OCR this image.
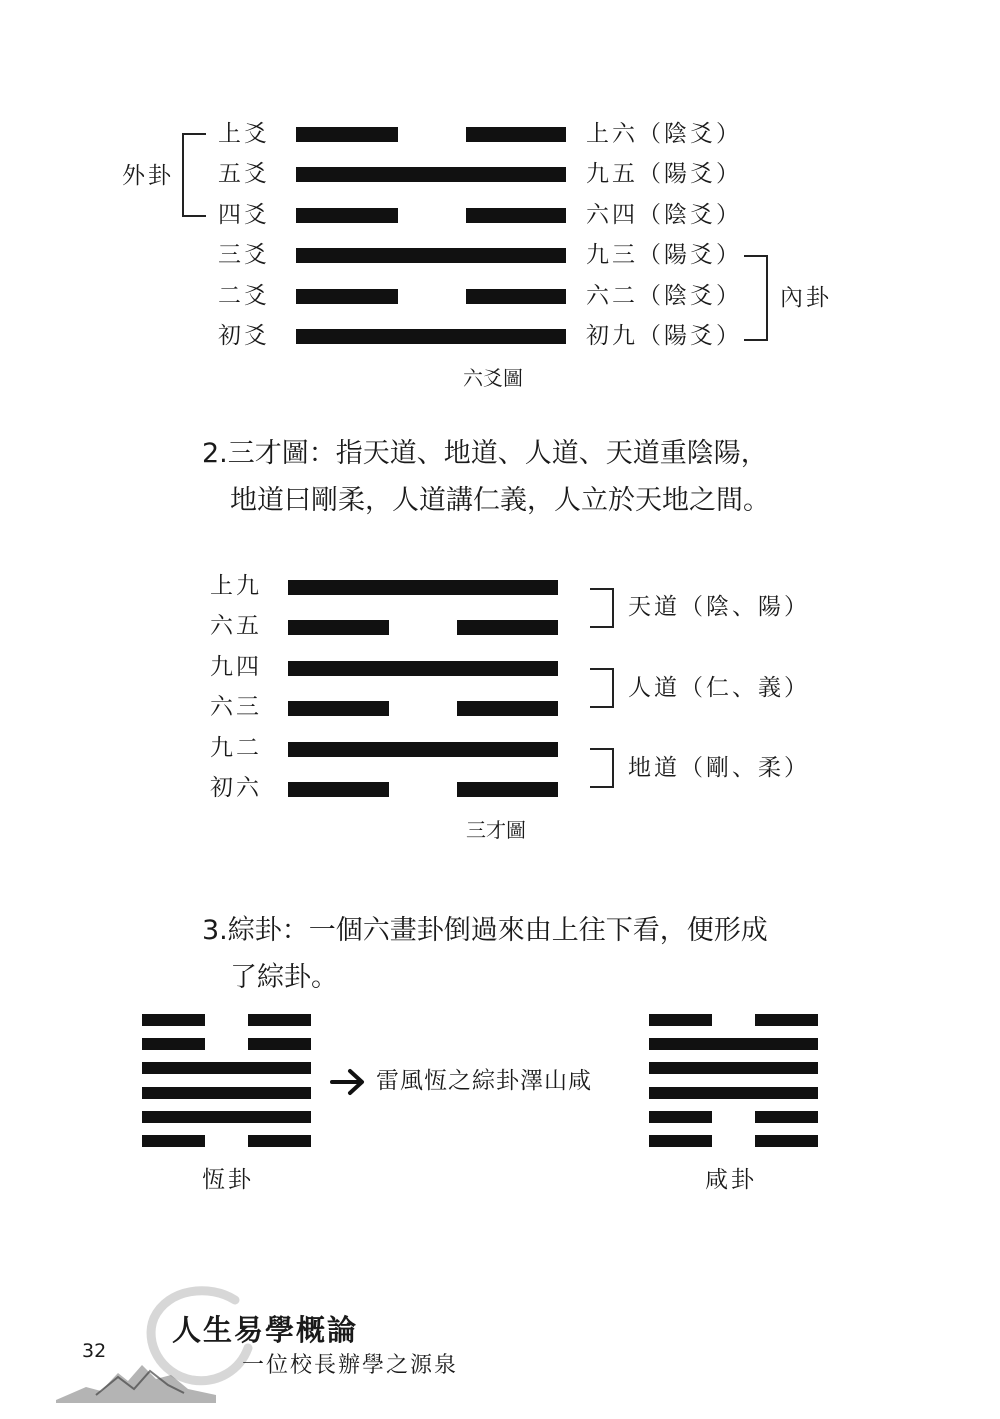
外卦
上爻	上六（陰爻）
五爻	九五（陽爻）
四爻	六四（陰爻）
三爻	九三（陽爻）
二爻	六二（陰爻）
初爻	初九（陽爻）
內卦
六爻圖
2.三才圖：指天道、地道、人道、天道重陰陽，
地道曰剛柔，人道講仁義，人立於天地之間。
上九
六五
九四
六三
九二
初六
天道（陰、陽）
人道（仁、義）
地道（剛、柔）
三才圖
3.綜卦：一個六畫卦倒過來由上往下看，便形成
了綜卦。
雷風恆之綜卦澤山咸
恆卦	咸卦
32
人生易學概論
一位校長辦學之源泉
